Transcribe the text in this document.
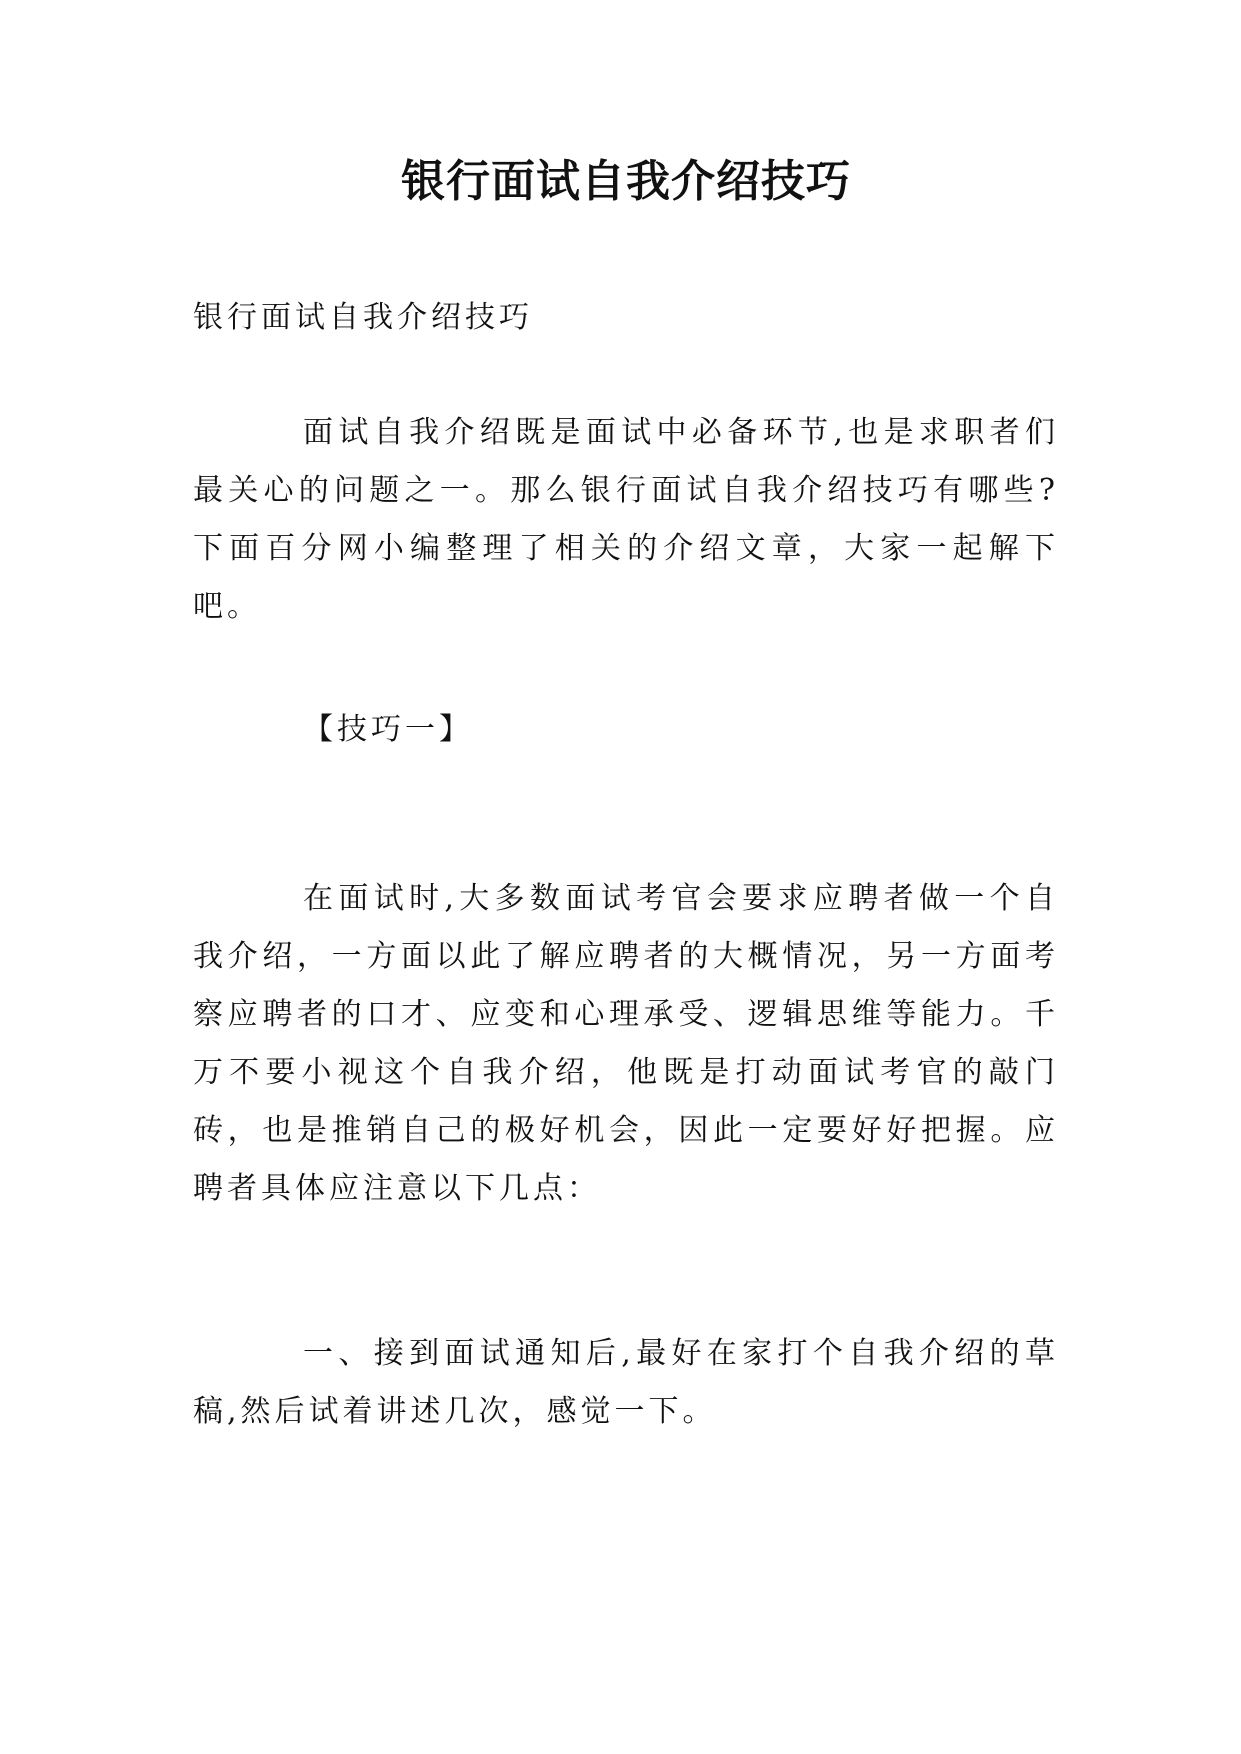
银行面试自我介绍技巧

银行面试自我介绍技巧

面试自我介绍既是面试中必备环节,也是求职者们最关心的问题之一。那么银行面试自我介绍技巧有哪些?下面百分网小编整理了相关的介绍文章，大家一起解下吧。

【技巧一】

在面试时,大多数面试考官会要求应聘者做一个自我介绍，一方面以此了解应聘者的大概情况，另一方面考察应聘者的口才、应变和心理承受、逻辑思维等能力。千万不要小视这个自我介绍，他既是打动面试考官的敲门砖，也是推销自己的极好机会，因此一定要好好把握。应聘者具体应注意以下几点：

一、接到面试通知后,最好在家打个自我介绍的草稿,然后试着讲述几次，感觉一下。
